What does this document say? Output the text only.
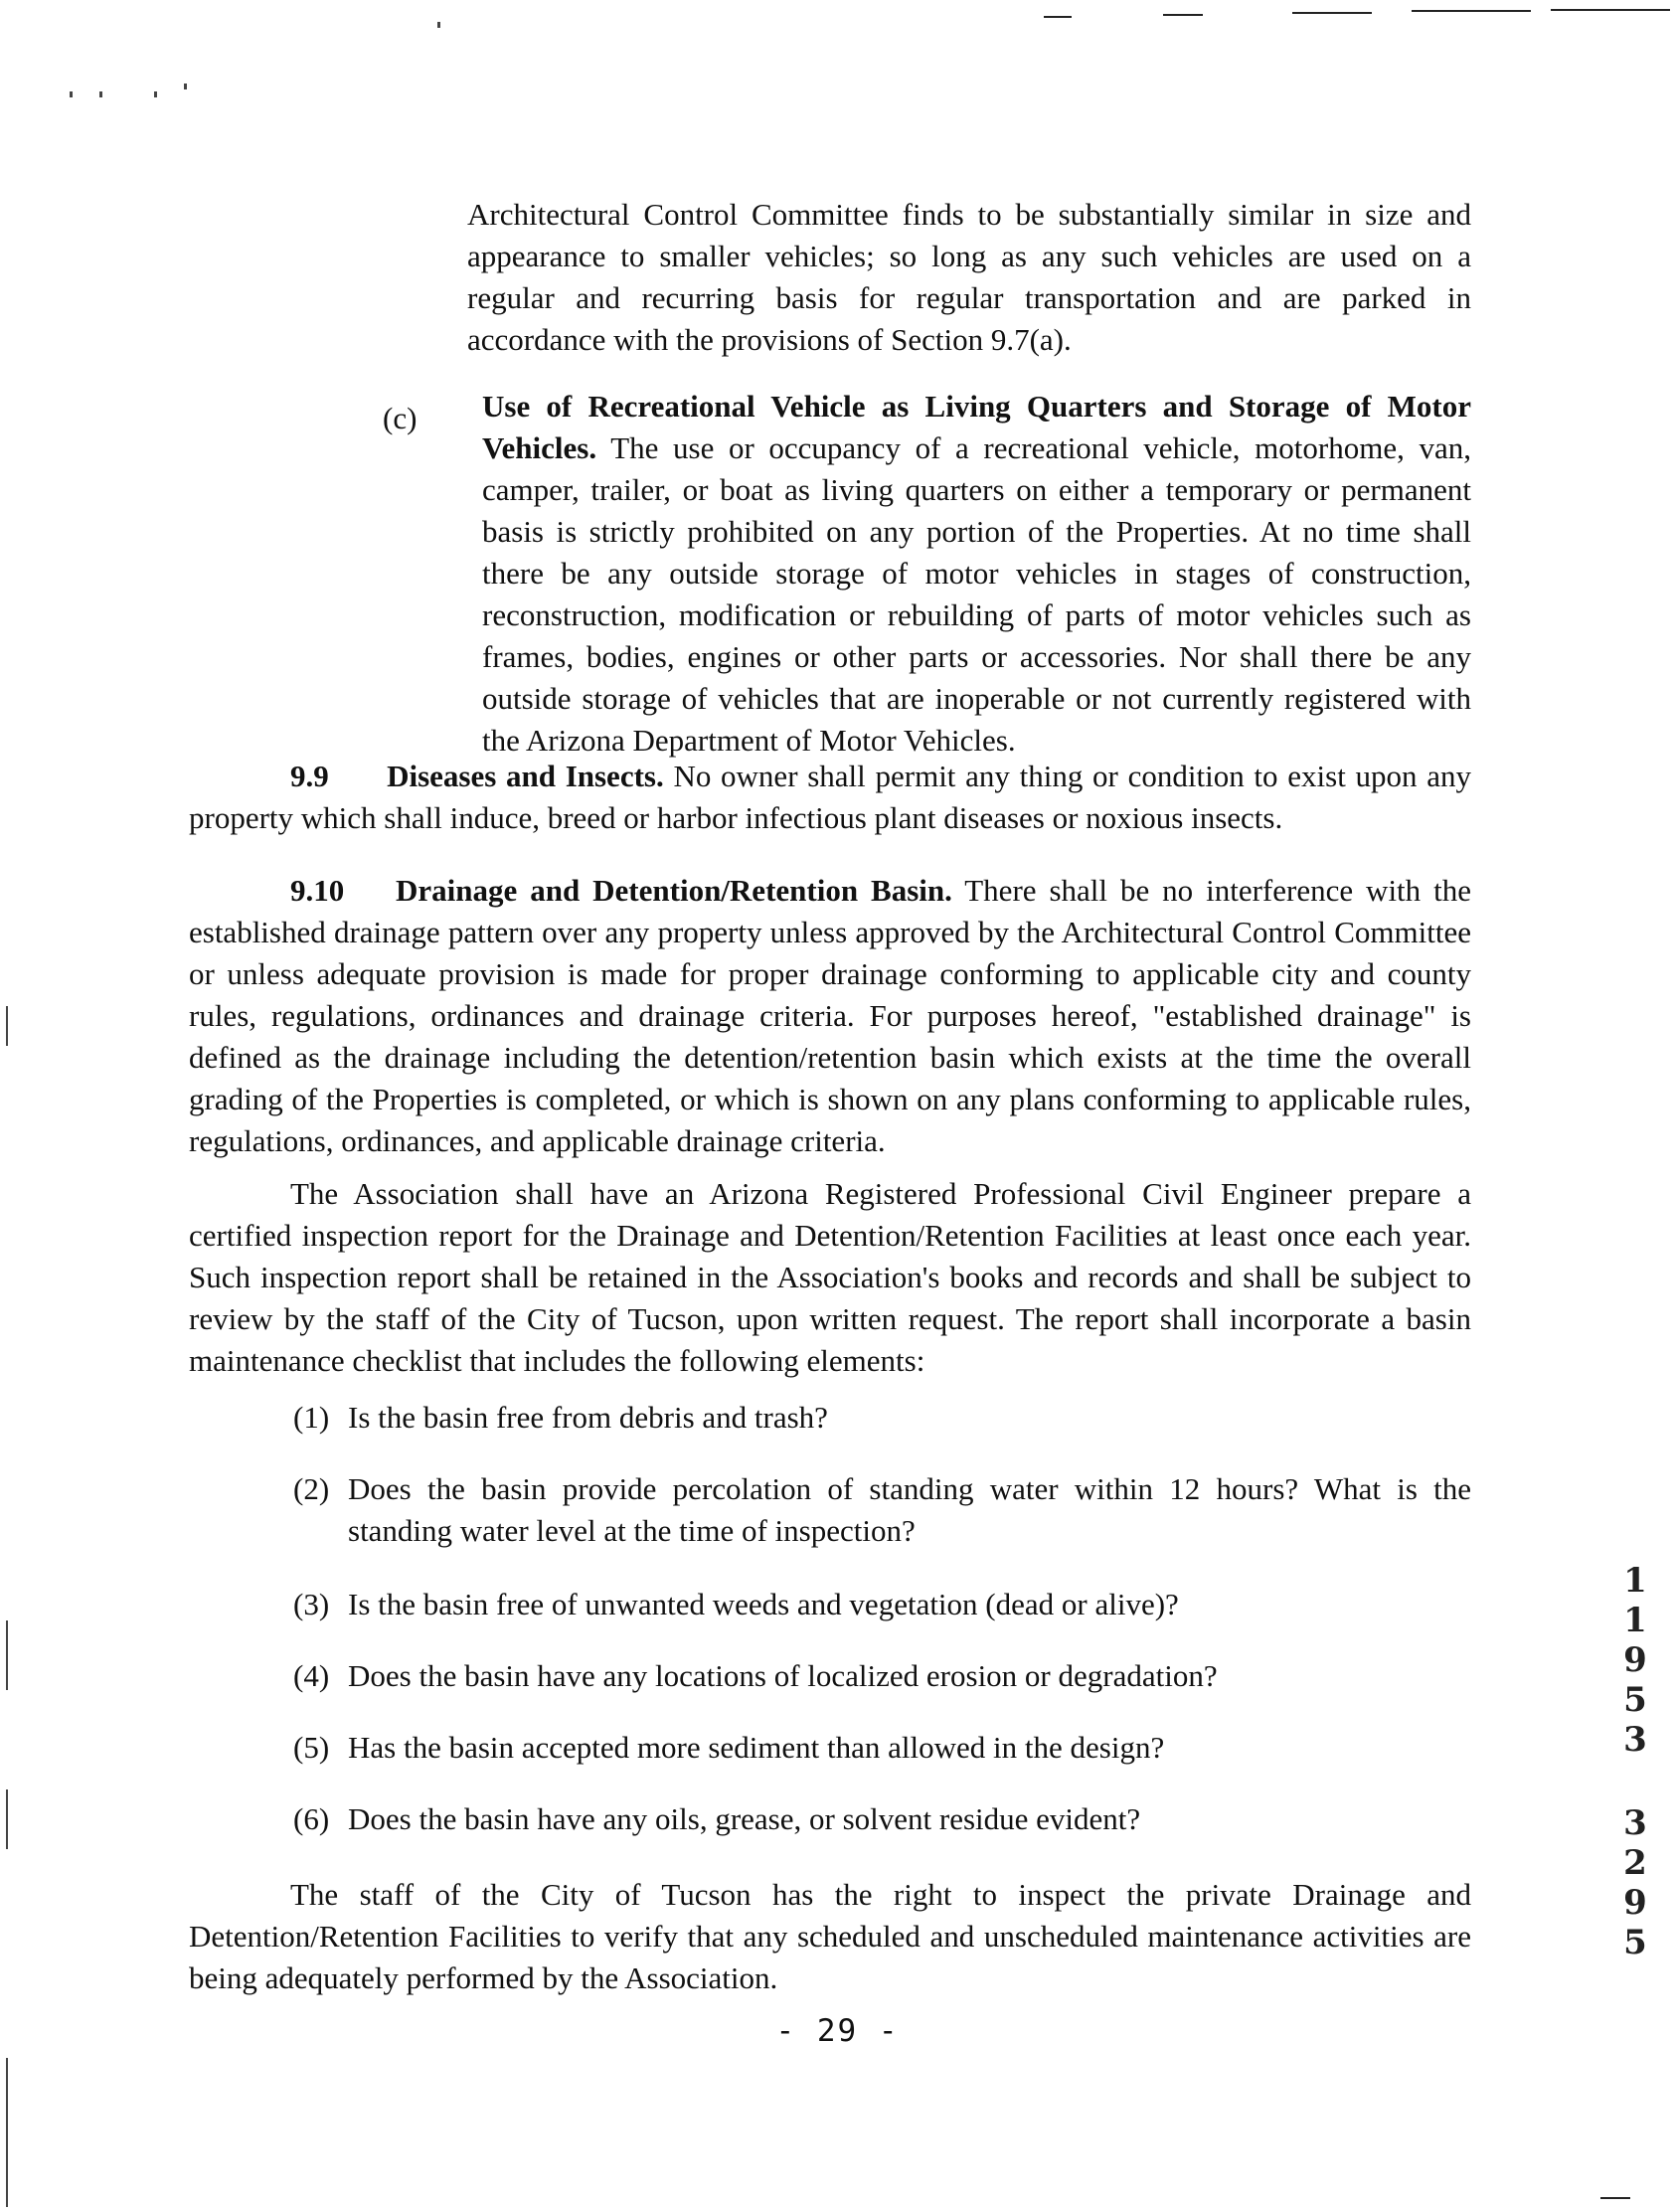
Architectural Control Committee finds to be substantially similar in size and appearance to smaller vehicles; so long as any such vehicles are used on a regular and recurring basis for regular transportation and are parked in accordance with the provisions of Section 9.7(a).
(c) Use of Recreational Vehicle as Living Quarters and Storage of Motor Vehicles. The use or occupancy of a recreational vehicle, motorhome, van, camper, trailer, or boat as living quarters on either a temporary or permanent basis is strictly prohibited on any portion of the Properties. At no time shall there be any outside storage of motor vehicles in stages of construction, reconstruction, modification or rebuilding of parts of motor vehicles such as frames, bodies, engines or other parts or accessories. Nor shall there be any outside storage of vehicles that are inoperable or not currently registered with the Arizona Department of Motor Vehicles.
9.9 Diseases and Insects. No owner shall permit any thing or condition to exist upon any property which shall induce, breed or harbor infectious plant diseases or noxious insects.
9.10 Drainage and Detention/Retention Basin. There shall be no interference with the established drainage pattern over any property unless approved by the Architectural Control Committee or unless adequate provision is made for proper drainage conforming to applicable city and county rules, regulations, ordinances and drainage criteria. For purposes hereof, "established drainage" is defined as the drainage including the detention/retention basin which exists at the time the overall grading of the Properties is completed, or which is shown on any plans conforming to applicable rules, regulations, ordinances, and applicable drainage criteria.
The Association shall have an Arizona Registered Professional Civil Engineer prepare a certified inspection report for the Drainage and Detention/Retention Facilities at least once each year. Such inspection report shall be retained in the Association's books and records and shall be subject to review by the staff of the City of Tucson, upon written request. The report shall incorporate a basin maintenance checklist that includes the following elements:
(1) Is the basin free from debris and trash?
(2) Does the basin provide percolation of standing water within 12 hours? What is the standing water level at the time of inspection?
(3) Is the basin free of unwanted weeds and vegetation (dead or alive)?
(4) Does the basin have any locations of localized erosion or degradation?
(5) Has the basin accepted more sediment than allowed in the design?
(6) Does the basin have any oils, grease, or solvent residue evident?
The staff of the City of Tucson has the right to inspect the private Drainage and Detention/Retention Facilities to verify that any scheduled and unscheduled maintenance activities are being adequately performed by the Association.
- 29 -
1
1
9
5
3
3
2
9
5
